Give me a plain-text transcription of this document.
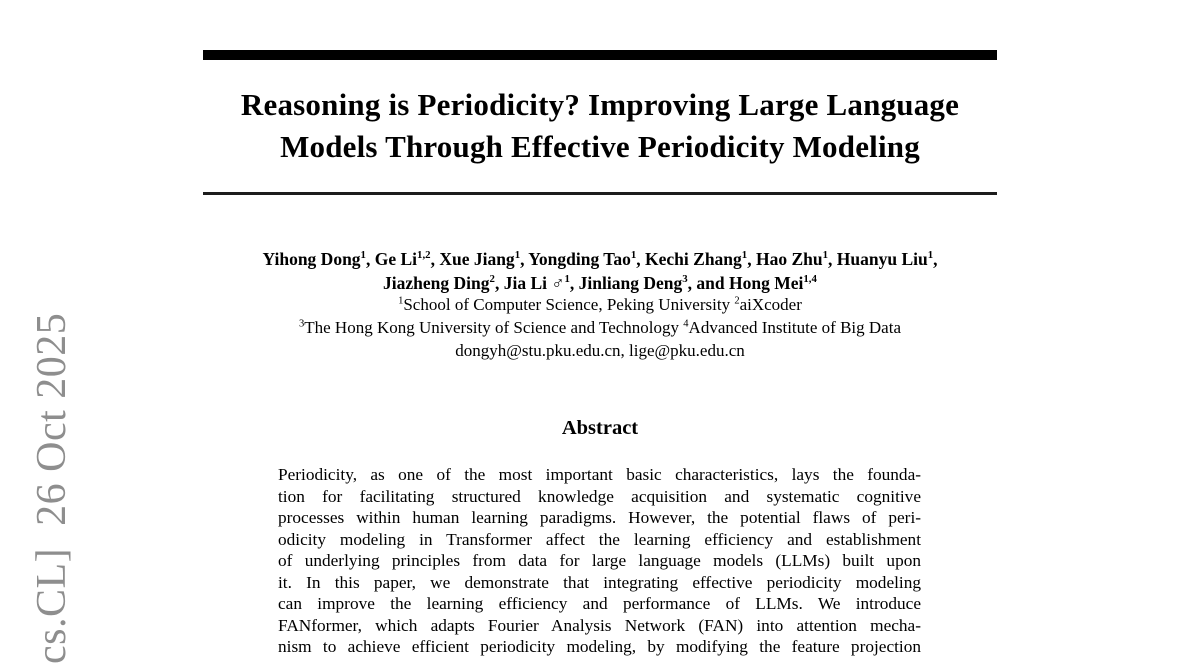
cs.CL]  26 Oct 2025
Reasoning is Periodicity? Improving Large Language
Models Through Effective Periodicity Modeling
Yihong Dong$^1$, Ge Li$^{1,2}$, Xue Jiang$^1$, Yongding Tao$^1$, Kechi Zhang$^1$, Hao Zhu$^1$, Huanyu Liu$^1$,
Jiazheng Ding$^2$, Jia Li ♂$^1$, Jinliang Deng$^3$, and Hong Mei$^{1,4}$
$^1$School of Computer Science, Peking University $^2$aiXcoder
$^3$The Hong Kong University of Science and Technology $^4$Advanced Institute of Big Data
dongyh@stu.pku.edu.cn, lige@pku.edu.cn
Abstract
Periodicity, as one of the most important basic characteristics, lays the founda-
tion for facilitating structured knowledge acquisition and systematic cognitive
processes within human learning paradigms. However, the potential flaws of peri-
odicity modeling in Transformer affect the learning efficiency and establishment
of underlying principles from data for large language models (LLMs) built upon
it. In this paper, we demonstrate that integrating effective periodicity modeling
can improve the learning efficiency and performance of LLMs. We introduce
FANformer, which adapts Fourier Analysis Network (FAN) into attention mecha-
nism to achieve efficient periodicity modeling, by modifying the feature projection
